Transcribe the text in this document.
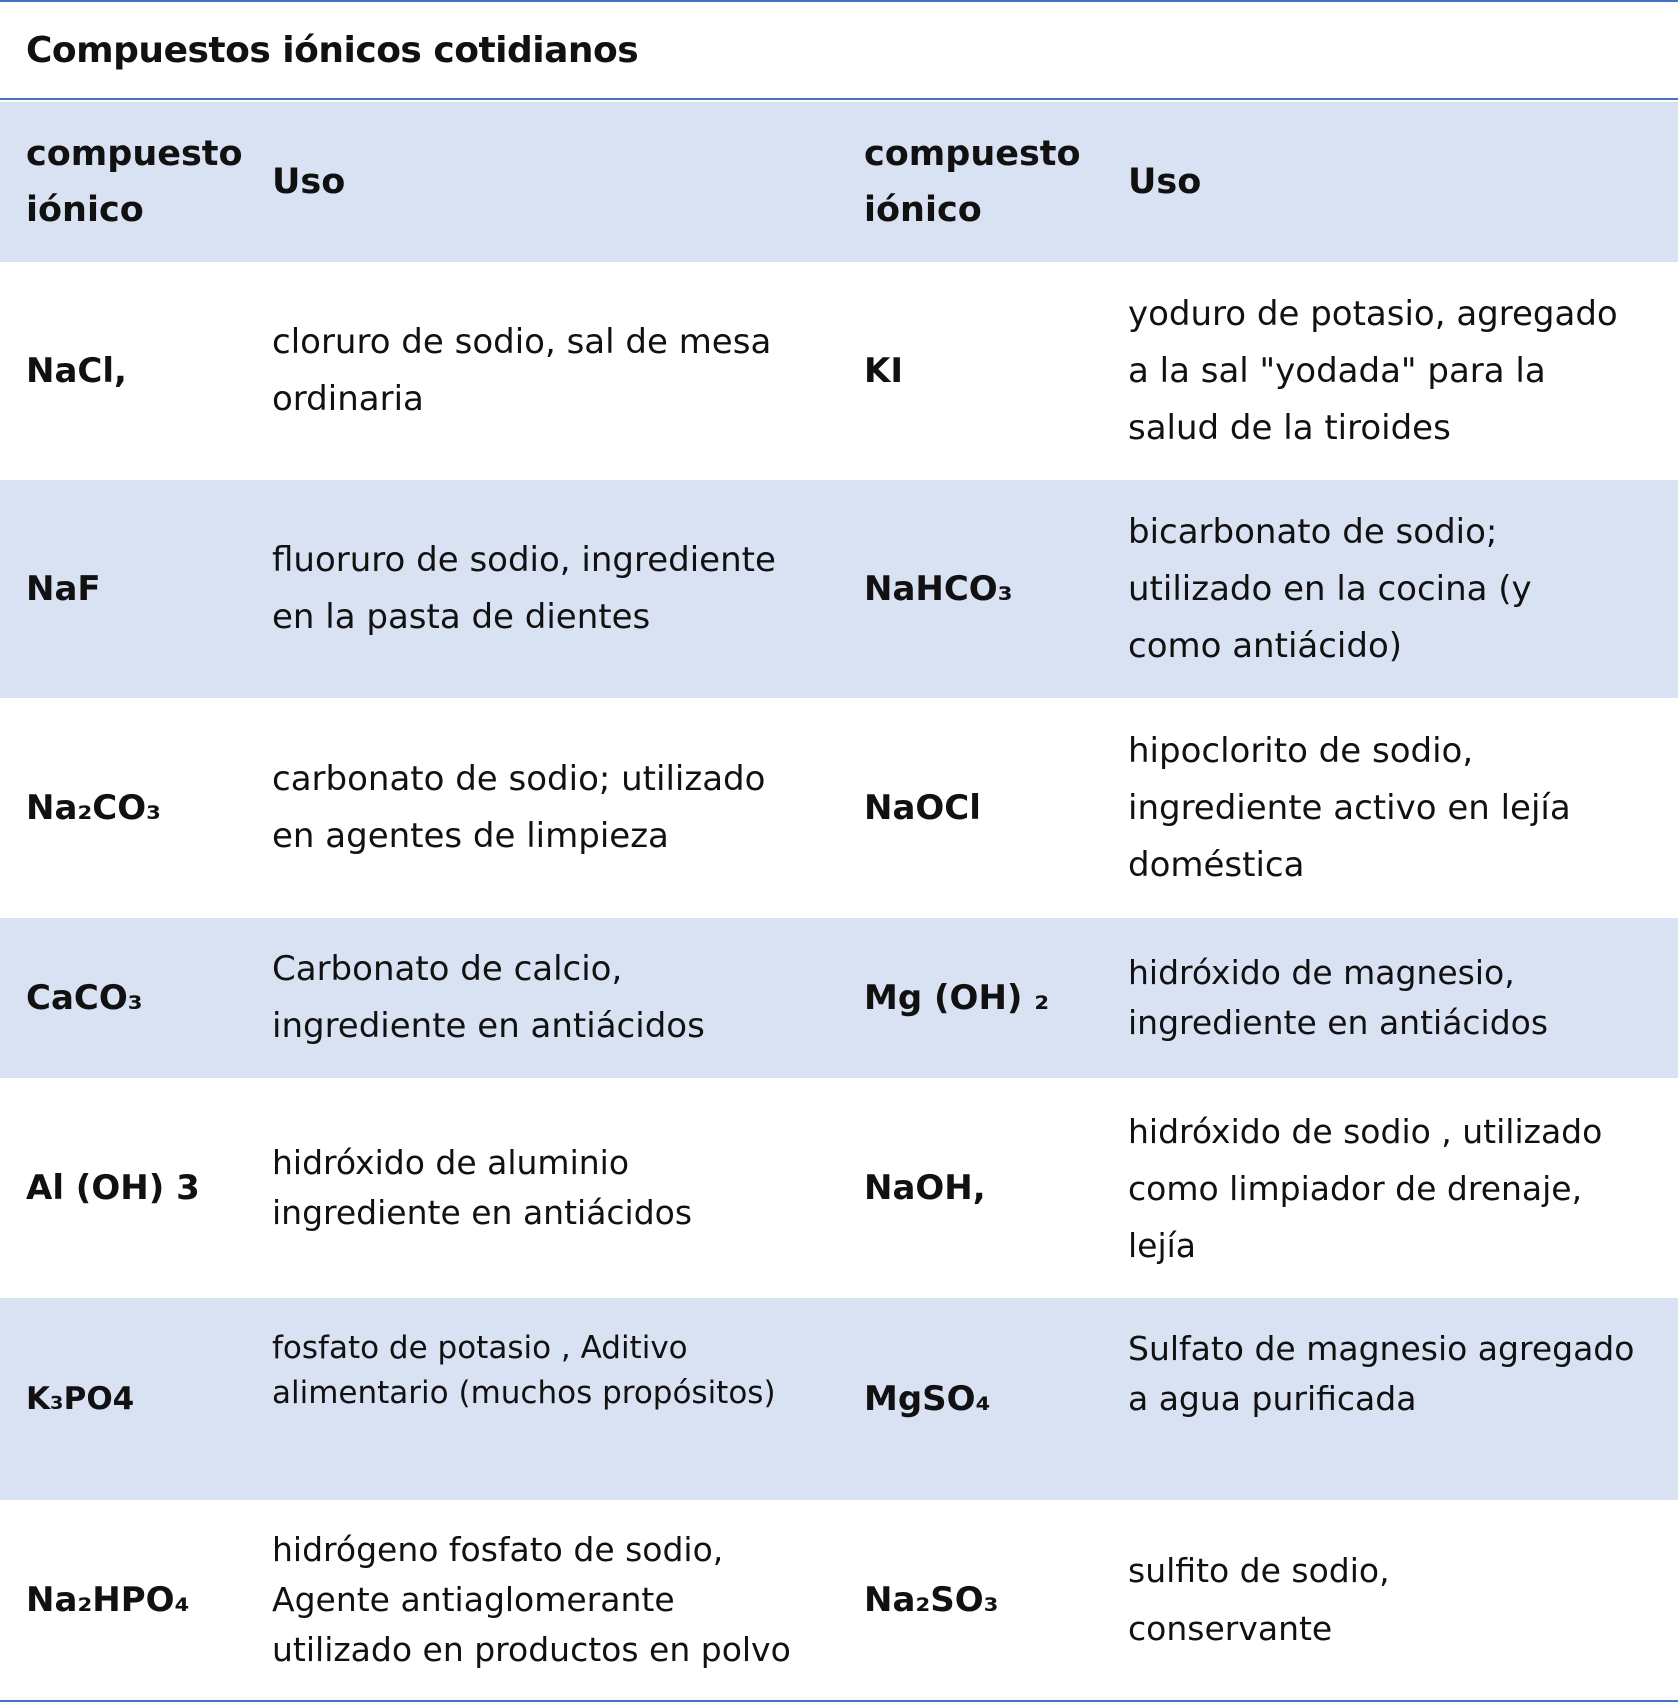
Compuestos iónicos cotidianos
compuesto
iónico
Uso
compuesto
iónico
Uso
NaCl,
cloruro de sodio, sal de mesa
ordinaria
KI
yoduro de potasio, agregado
a la sal "yodada" para la
salud de la tiroides
NaF
fluoruro de sodio, ingrediente
en la pasta de dientes
NaHCO₃
bicarbonato de sodio;
utilizado en la cocina (y
como antiácido)
Na₂CO₃
carbonato de sodio; utilizado
en agentes de limpieza
NaOCl
hipoclorito de sodio,
ingrediente activo en lejía
doméstica
CaCO₃
Carbonato de calcio,
ingrediente en antiácidos
Mg (OH) ₂
hidróxido de magnesio,
ingrediente en antiácidos
Al (OH) 3
hidróxido de aluminio
ingrediente en antiácidos
NaOH,
hidróxido de sodio , utilizado
como limpiador de drenaje,
lejía
K₃PO4
fosfato de potasio , Aditivo
alimentario (muchos propósitos)	MgSO₄
Sulfato de magnesio agregado
a agua purificada
Na₂HPO₄
hidrógeno fosfato de sodio,
Agente antiaglomerante
utilizado en productos en polvo
Na₂SO₃
sulfito de sodio,
conservante
